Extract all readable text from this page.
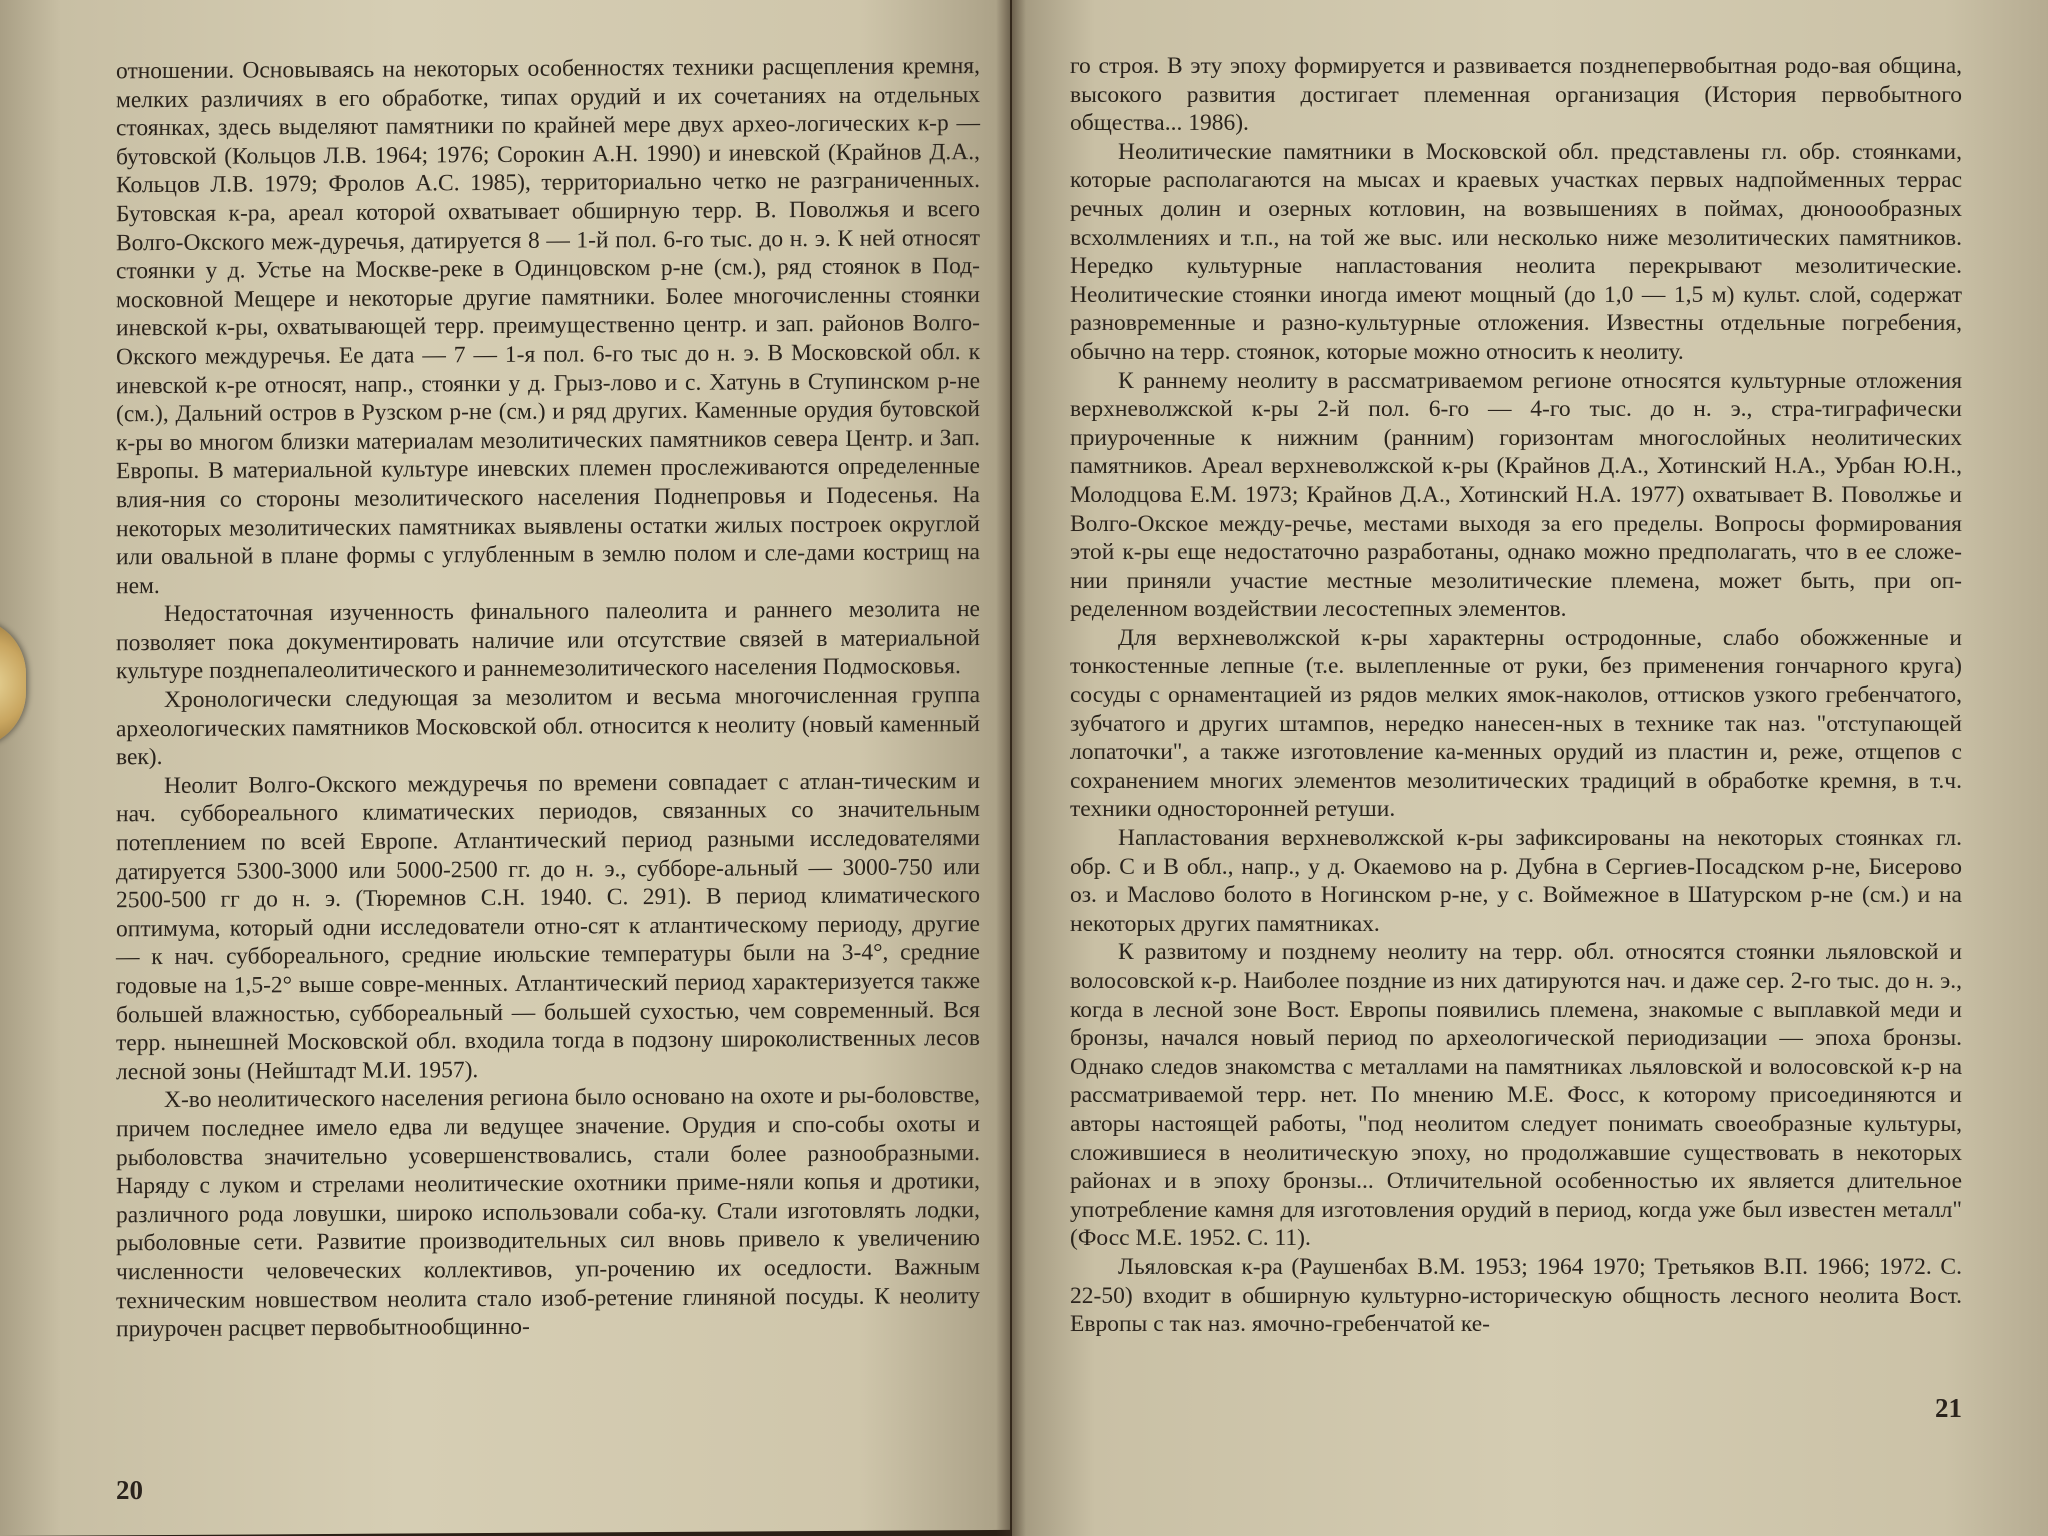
отношении. Основываясь на некоторых особенностях техники расщепления кремня, мелких различиях в его обработке, типах орудий и их сочетаниях на отдельных стоянках, здесь выделяют памятники по крайней мере двух архео-логических к-р — бутовской (Кольцов Л.В. 1964; 1976; Сорокин А.Н. 1990) и иневской (Крайнов Д.А., Кольцов Л.В. 1979; Фролов А.С. 1985), территориально четко не разграниченных. Бутовская к-ра, ареал которой охватывает обширную терр. В. Поволжья и всего Волго-Окского меж-дуречья, датируется 8 — 1-й пол. 6-го тыс. до н. э. К ней относят стоянки у д. Устье на Москве-реке в Одинцовском р-не (см.), ряд стоянок в Под-московной Мещере и некоторые другие памятники. Более многочисленны стоянки иневской к-ры, охватывающей терр. преимущественно центр. и зап. районов Волго-Окского междуречья. Ее дата — 7 — 1-я пол. 6-го тыс до н. э. В Московской обл. к иневской к-ре относят, напр., стоянки у д. Грыз-лово и с. Хатунь в Ступинском р-не (см.), Дальний остров в Рузском р-не (см.) и ряд других. Каменные орудия бутовской к-ры во многом близки материалам мезолитических памятников севера Центр. и Зап. Европы. В материальной культуре иневских племен прослеживаются определенные влия-ния со стороны мезолитического населения Поднепровья и Подесенья. На некоторых мезолитических памятниках выявлены остатки жилых построек округлой или овальной в плане формы с углубленным в землю полом и сле-дами кострищ на нем.

Недостаточная изученность финального палеолита и раннего мезолита не позволяет пока документировать наличие или отсутствие связей в материальной культуре позднепалеолитического и раннемезолитического населения Подмосковья.

Хронологически следующая за мезолитом и весьма многочисленная группа археологических памятников Московской обл. относится к неолиту (новый каменный век).

Неолит Волго-Окского междуречья по времени совпадает с атлан-тическим и нач. суббореального климатических периодов, связанных со значительным потеплением по всей Европе. Атлантический период разными исследователями датируется 5300-3000 или 5000-2500 гг. до н. э., субборе-альный — 3000-750 или 2500-500 гг до н. э. (Тюремнов С.Н. 1940. С. 291). В период климатического оптимума, который одни исследователи отно-сят к атлантическому периоду, другие — к нач. суббореального, средние июльские температуры были на 3-4°, средние годовые на 1,5-2° выше совре-менных. Атлантический период характеризуется также большей влажностью, суббореальный — большей сухостью, чем современный. Вся терр. нынешней Московской обл. входила тогда в подзону широколиственных лесов лесной зоны (Нейштадт М.И. 1957).

Х-во неолитического населения региона было основано на охоте и ры-боловстве, причем последнее имело едва ли ведущее значение. Орудия и спо-собы охоты и рыболовства значительно усовершенствовались, стали более разнообразными. Наряду с луком и стрелами неолитические охотники приме-няли копья и дротики, различного рода ловушки, широко использовали соба-ку. Стали изготовлять лодки, рыболовные сети. Развитие производительных сил вновь привело к увеличению численности человеческих коллективов, уп-рочению их оседлости. Важным техническим новшеством неолита стало изоб-ретение глиняной посуды. К неолиту приурочен расцвет первобытнообщинно-

20

го строя. В эту эпоху формируется и развивается позднепервобытная родо-вая община, высокого развития достигает племенная организация (История первобытного общества... 1986).

Неолитические памятники в Московской обл. представлены гл. обр. стоянками, которые располагаются на мысах и краевых участках первых надпойменных террас речных долин и озерных котловин, на возвышениях в поймах, дюноообразных всхолмлениях и т.п., на той же выс. или несколько ниже мезолитических памятников. Нередко культурные напластования неолита перекрывают мезолитические. Неолитические стоянки иногда имеют мощный (до 1,0 — 1,5 м) культ. слой, содержат разновременные и разно-культурные отложения. Известны отдельные погребения, обычно на терр. стоянок, которые можно относить к неолиту.

К раннему неолиту в рассматриваемом регионе относятся культурные отложения верхневолжской к-ры 2-й пол. 6-го — 4-го тыс. до н. э., стра-тиграфически приуроченные к нижним (ранним) горизонтам многослойных неолитических памятников. Ареал верхневолжской к-ры (Крайнов Д.А., Хотинский Н.А., Урбан Ю.Н., Молодцова Е.М. 1973; Крайнов Д.А., Хотинский Н.А. 1977) охватывает В. Поволжье и Волго-Окское между-речье, местами выходя за его пределы. Вопросы формирования этой к-ры еще недостаточно разработаны, однако можно предполагать, что в ее сложе-нии приняли участие местные мезолитические племена, может быть, при оп-ределенном воздействии лесостепных элементов.

Для верхневолжской к-ры характерны остродонные, слабо обожженные и тонкостенные лепные (т.е. вылепленные от руки, без применения гончарного круга) сосуды с орнаментацией из рядов мелких ямок-наколов, оттисков узкого гребенчатого, зубчатого и других штампов, нередко нанесен-ных в технике так наз. "отступающей лопаточки", а также изготовление ка-менных орудий из пластин и, реже, отщепов с сохранением многих элементов мезолитических традиций в обработке кремня, в т.ч. техники односторонней ретуши.

Напластования верхневолжской к-ры зафиксированы на некоторых стоянках гл. обр. С и В обл., напр., у д. Окаемово на р. Дубна в Сергиев-Посадском р-не, Бисерово оз. и Маслово болото в Ногинском р-не, у с. Воймежное в Шатурском р-не (см.) и на некоторых других памятниках.

К развитому и позднему неолиту на терр. обл. относятся стоянки льяловской и волосовской к-р. Наиболее поздние из них датируются нач. и даже сер. 2-го тыс. до н. э., когда в лесной зоне Вост. Европы появились племена, знакомые с выплавкой меди и бронзы, начался новый период по археологической периодизации — эпоха бронзы. Однако следов знакомства с металлами на памятниках льяловской и волосовской к-р на рассматриваемой терр. нет. По мнению М.Е. Фосс, к которому присоединяются и авторы настоящей работы, "под неолитом следует понимать своеобразные культуры, сложившиеся в неолитическую эпоху, но продолжавшие существовать в некоторых районах и в эпоху бронзы... Отличительной особенностью их является длительное употребление камня для изготовления орудий в период, когда уже был известен металл" (Фосс М.Е. 1952. С. 11).

Льяловская к-ра (Раушенбах В.М. 1953; 1964 1970; Третьяков В.П. 1966; 1972. С. 22-50) входит в обширную культурно-историческую общность лесного неолита Вост. Европы с так наз. ямочно-гребенчатой ке-

21
